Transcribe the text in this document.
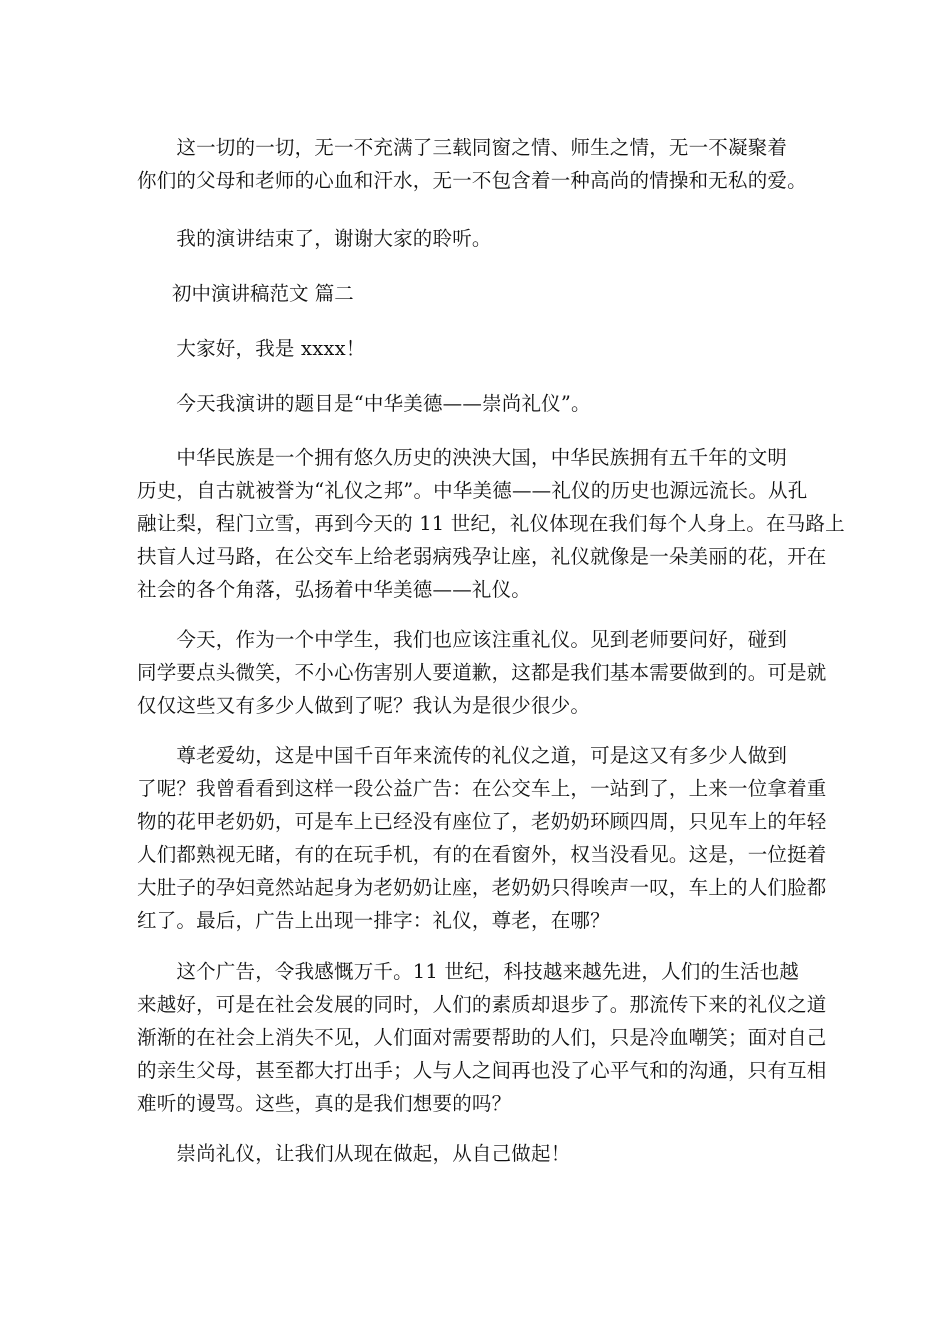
　　这一切的一切，无一不充满了三载同窗之情、师生之情，无一不凝聚着
你们的父母和老师的心血和汗水，无一不包含着一种高尚的情操和无私的爱。

　　我的演讲结束了，谢谢大家的聆听。

初中演讲稿范文 篇二

　　大家好，我是 xxxx！

　　今天我演讲的题目是“中华美德——崇尚礼仪”。

　　中华民族是一个拥有悠久历史的泱泱大国，中华民族拥有五千年的文明
历史，自古就被誉为“礼仪之邦”。中华美德——礼仪的历史也源远流长。从孔
融让梨，程门立雪，再到今天的 11 世纪，礼仪体现在我们每个人身上。在马路上
扶盲人过马路，在公交车上给老弱病残孕让座，礼仪就像是一朵美丽的花，开在
社会的各个角落，弘扬着中华美德——礼仪。

　　今天，作为一个中学生，我们也应该注重礼仪。见到老师要问好，碰到
同学要点头微笑，不小心伤害别人要道歉，这都是我们基本需要做到的。可是就
仅仅这些又有多少人做到了呢？我认为是很少很少。

　　尊老爱幼，这是中国千百年来流传的礼仪之道，可是这又有多少人做到
了呢？我曾看看到这样一段公益广告：在公交车上，一站到了，上来一位拿着重
物的花甲老奶奶，可是车上已经没有座位了，老奶奶环顾四周，只见车上的年轻
人们都熟视无睹，有的在玩手机，有的在看窗外，权当没看见。这是，一位挺着
大肚子的孕妇竟然站起身为老奶奶让座，老奶奶只得唉声一叹，车上的人们脸都
红了。最后，广告上出现一排字：礼仪，尊老，在哪？

　　这个广告，令我感慨万千。11 世纪，科技越来越先进，人们的生活也越
来越好，可是在社会发展的同时，人们的素质却退步了。那流传下来的礼仪之道
渐渐的在社会上消失不见，人们面对需要帮助的人们，只是冷血嘲笑；面对自己
的亲生父母，甚至都大打出手；人与人之间再也没了心平气和的沟通，只有互相
难听的谩骂。这些，真的是我们想要的吗？

　　崇尚礼仪，让我们从现在做起，从自己做起！
